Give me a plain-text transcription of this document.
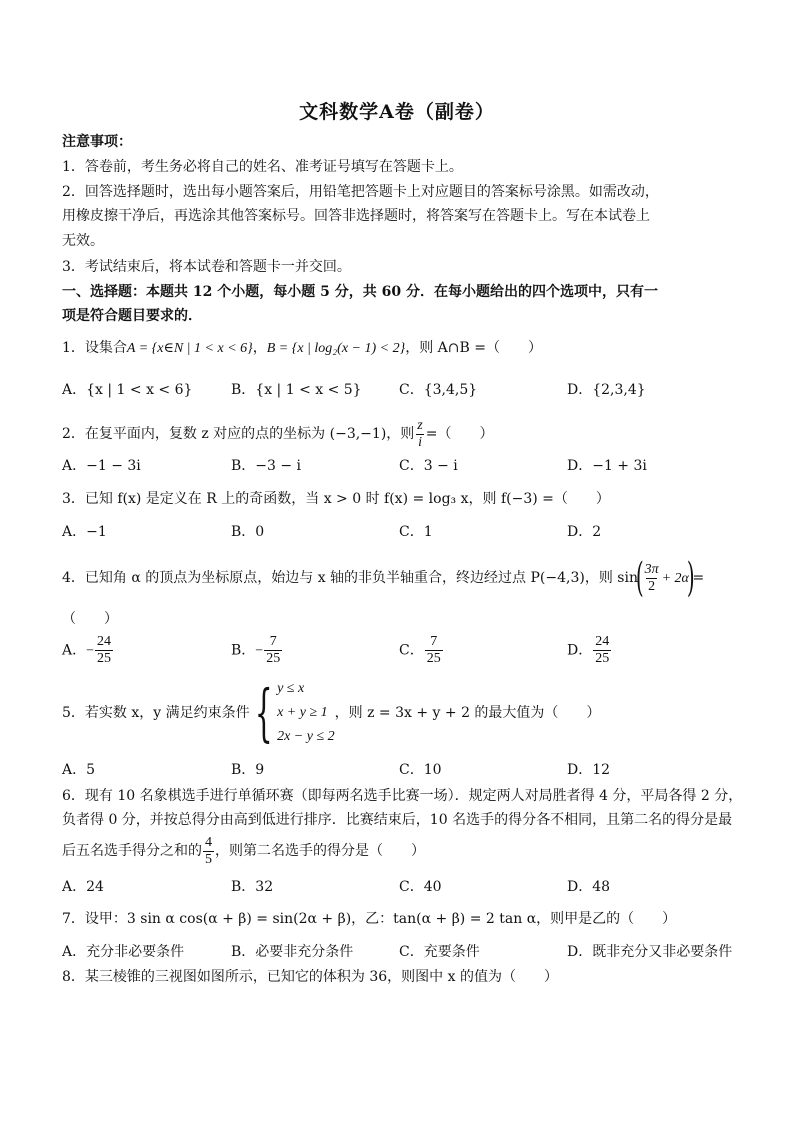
文科数学A卷（副卷）
注意事项：
1．答卷前，考生务必将自己的姓名、准考证号填写在答题卡上。
2．回答选择题时，选出每小题答案后，用铅笔把答题卡上对应题目的答案标号涂黑。如需改动，
用橡皮擦干净后，再选涂其他答案标号。回答非选择题时，将答案写在答题卡上。写在本试卷上
无效。
3．考试结束后，将本试卷和答题卡一并交回。
一、选择题：本题共 12 个小题，每小题 5 分，共 60 分．在每小题给出的四个选项中，只有一
项是符合题目要求的．
1．设集合A = {x∈N | 1 < x < 6}，B = {x | log₂(x − 1) < 2}，则 A∩B =（　　）
A．{x | 1 < x < 6}	B．{x | 1 < x < 5}	C．{3,4,5}	D．{2,3,4}
2．在复平面内，复数 z 对应的点的坐标为 (−3,−1)，则 $\frac{z}{i}$ =（　　）
A．−1 − 3i	B．−3 − i	C．3 − i	D．−1 + 3i
3．已知 f(x) 是定义在 R 上的奇函数，当 x > 0 时 f(x) = log₃ x，则 f(−3) =（　　）
A．−1	B．0	C．1	D．2
4．已知角 α 的顶点为坐标原点，始边与 x 轴的非负半轴重合，终边经过点 P(−4,3)，则 sin(
$\frac{3\pi}{2} + 2\alpha)=$
（　　）
A．− $\frac{24}{25}$	B．− $\frac{7}{25}$	C． $\frac{7}{25}$	D． $\frac{24}{25}$
5．若实数 x，y 满足约束条件 { y ≤ x
x + y ≥ 1
2x − y ≤ 2
，则 z = 3x + y + 2 的最大值为（　　）
A．5	B．9	C．10	D．12
6．现有 10 名象棋选手进行单循环赛（即每两名选手比赛一场）．规定两人对局胜者得 4 分，平局各得 2 分，
负者得 0 分，并按总得分由高到低进行排序．比赛结束后，10 名选手的得分各不相同，且第二名的得分是最
后五名选手得分之和的 $\frac{4}{5}$ ，则第二名选手的得分是（　　）
A．24	B．32	C．40	D．48
7．设甲：3 sin α cos(α + β) = sin(2α + β)，乙：tan(α + β) = 2 tan α，则甲是乙的（　　）
A．充分非必要条件	B．必要非充分条件	C．充要条件	D．既非充分又非必要条件
8．某三棱锥的三视图如图所示，已知它的体积为 36，则图中 x 的值为（　　）
